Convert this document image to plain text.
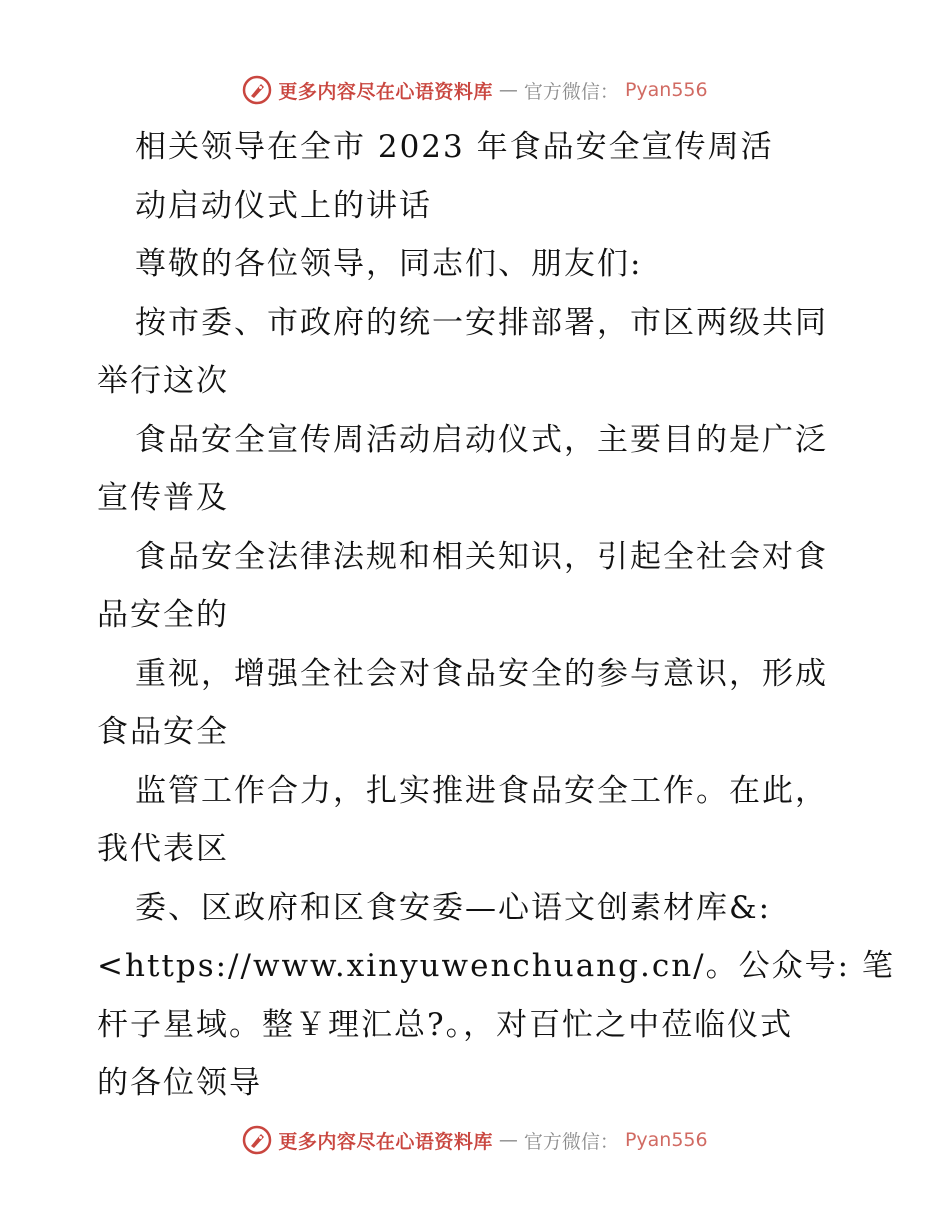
更多内容尽在心语资料库 — 官方微信： Pyan556
相关领导在全市 2023 年食品安全宣传周活
动启动仪式上的讲话
尊敬的各位领导，同志们、朋友们:
按市委、市政府的统一安排部署，市区两级共同
举行这次
食品安全宣传周活动启动仪式，主要目的是广泛
宣传普及
食品安全法律法规和相关知识，引起全社会对食
品安全的
重视，增强全社会对食品安全的参与意识，形成
食品安全
监管工作合力，扎实推进食品安全工作。在此，
我代表区
委、区政府和区食安委—心语文创素材库&:
<https://www.xinyuwenchuang.cn/。公众号: 笔
杆子星域。整￥理汇总?。，对百忙之中莅临仪式
的各位领导
更多内容尽在心语资料库 — 官方微信： Pyan556
